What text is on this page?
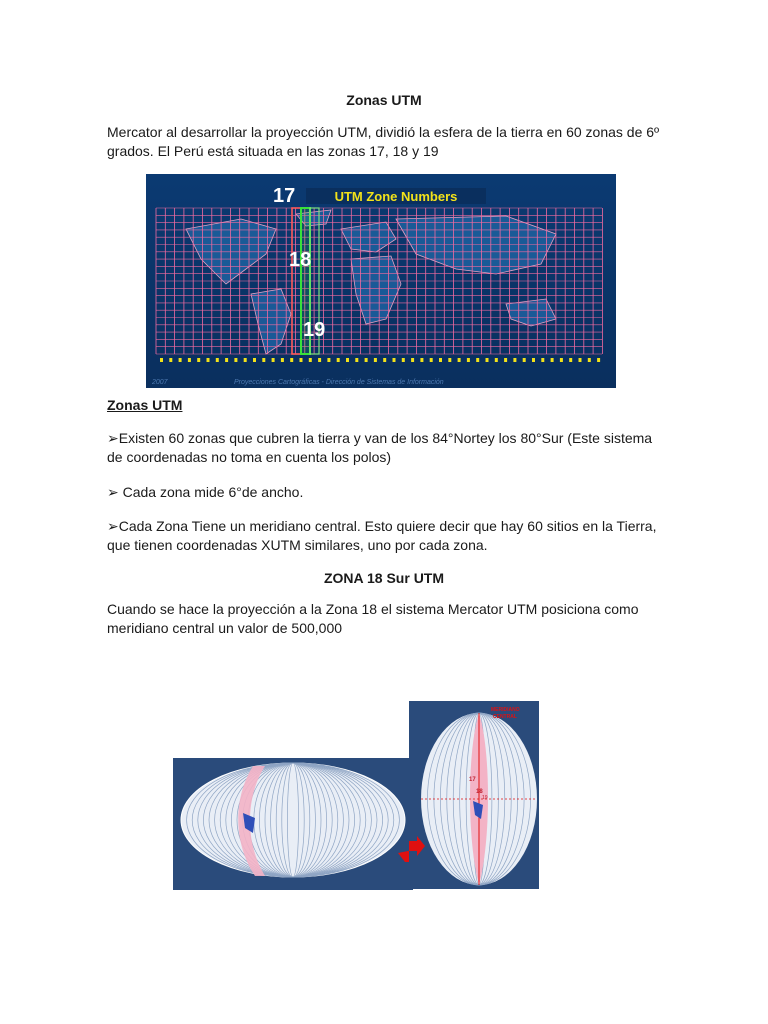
Zonas UTM

Mercator al desarrollar la proyección UTM, dividió la esfera de la tierra en 60 zonas de 6º grados. El Perú está situada en las zonas 17, 18 y 19

UTM Zone Numbers
17
18
19
2007	Proyecciones Cartográficas - Dirección de Sistemas de Información

Zonas UTM

➢Existen 60 zonas que cubren la tierra y van de los 84°Nortey los 80°Sur (Este sistema de coordenadas no toma en cuenta los polos)

➢ Cada zona mide 6°de ancho.

➢Cada Zona Tiene un meridiano central. Esto quiere decir que hay 60 sitios en la Tierra, que tienen coordenadas XUTM similares, uno por cada zona.

ZONA 18 Sur UTM

Cuando se hace la proyección a la Zona 18 el sistema Mercator UTM posiciona como meridiano central un valor de 500,000

MERIDIANO
CENTRAL
17
18
19
